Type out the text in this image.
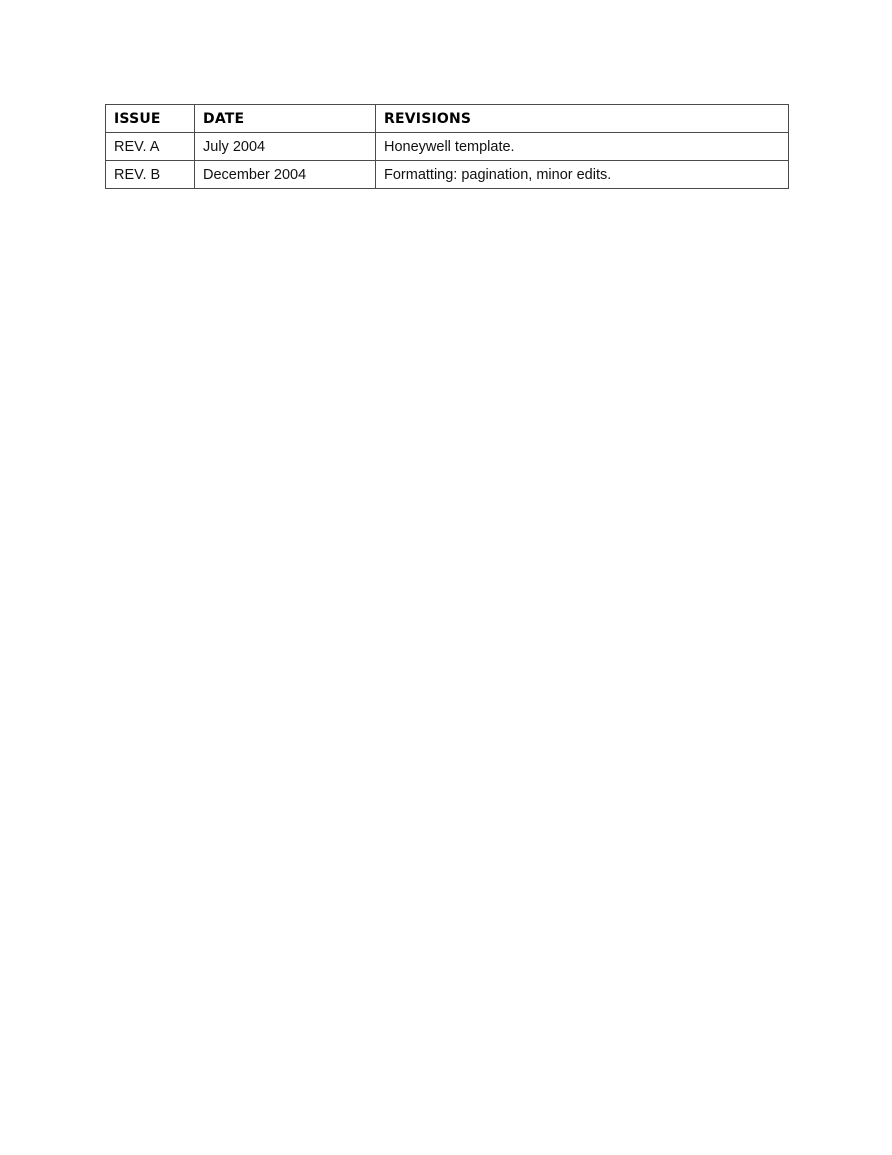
ISSUE	DATE	REVISIONS
REV. A	July 2004	Honeywell template.
REV. B	December 2004	Formatting: pagination, minor edits.
